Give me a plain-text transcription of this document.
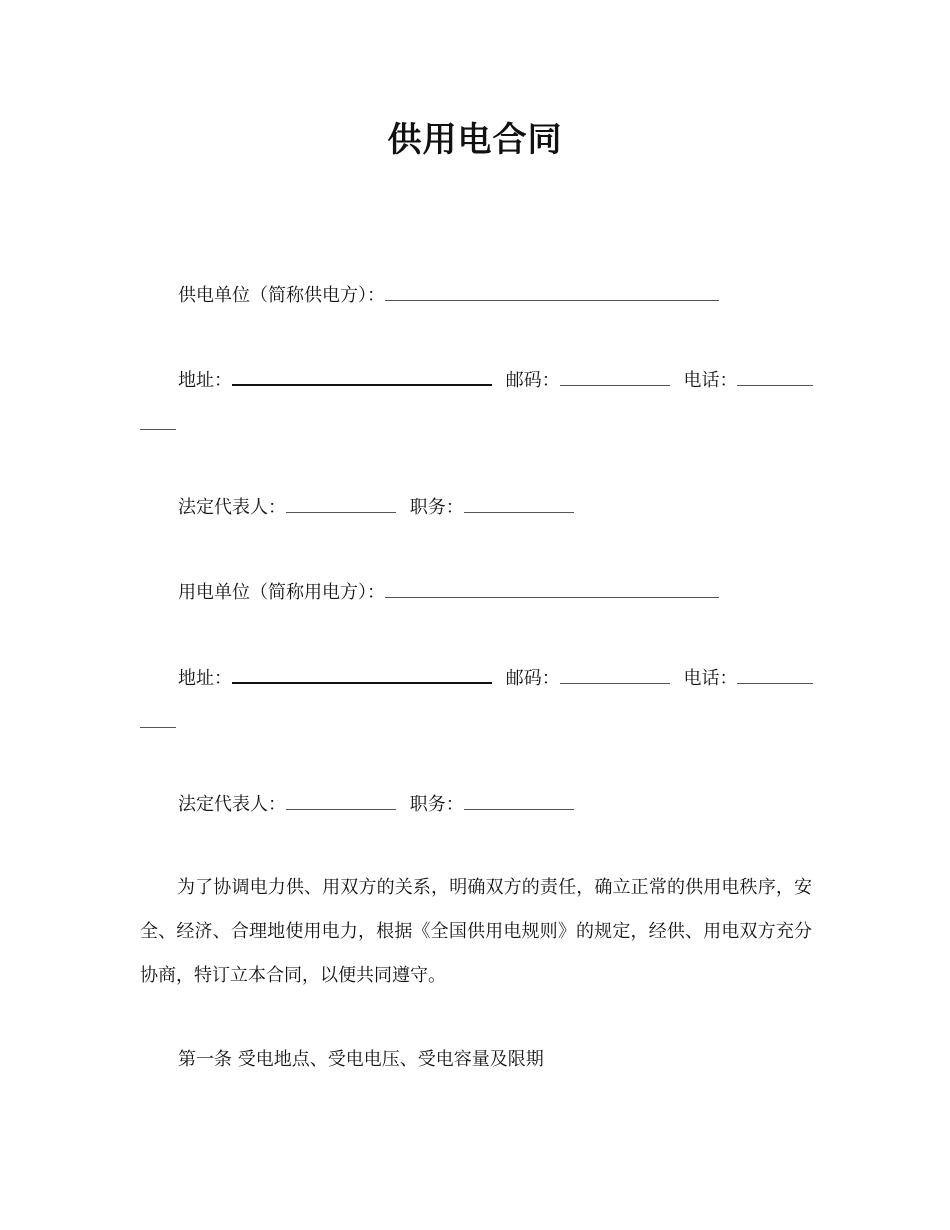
供用电合同
供电单位（简称供电方）：
地址：	邮码：	电话：
法定代表人：	职务：
用电单位（简称用电方）：
地址：	邮码：	电话：
法定代表人：	职务：
为了协调电力供、用双方的关系，明确双方的责任，确立正常的供用电秩序，安全、经济、合理地使用电力，根据《全国供用电规则》的规定，经供、用电双方充分协商，特订立本合同，以便共同遵守。
第一条 受电地点、受电电压、受电容量及限期
